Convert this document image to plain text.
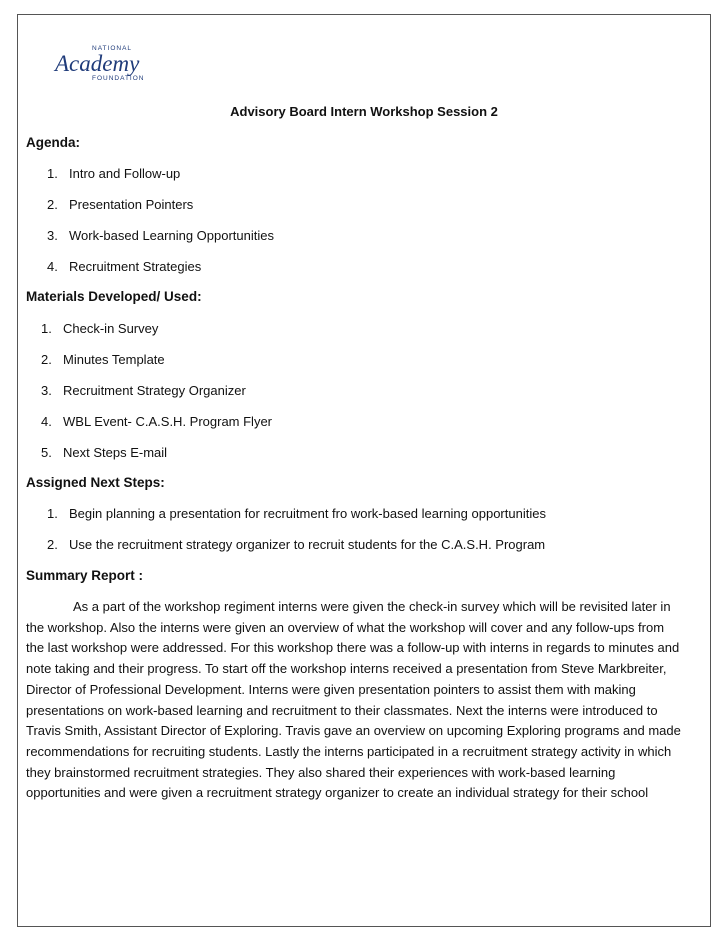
NATIONAL
Academy
FOUNDATION
Advisory Board Intern Workshop Session 2
Agenda:
1. Intro and Follow-up
2. Presentation Pointers
3. Work-based Learning Opportunities
4. Recruitment Strategies
Materials Developed/ Used:
1. Check-in Survey
2. Minutes Template
3. Recruitment Strategy Organizer
4. WBL Event- C.A.S.H. Program Flyer
5. Next Steps E-mail
Assigned Next Steps:
1. Begin planning a presentation for recruitment fro work-based learning opportunities
2. Use the recruitment strategy organizer to recruit students for the C.A.S.H. Program
Summary Report :
As a part of the workshop regiment interns were given the check-in survey which will be revisited later in
the workshop. Also the interns were given an overview of what the workshop will cover and any follow-ups from
the last workshop were addressed. For this workshop there was a follow-up with interns in regards to minutes and
note taking and their progress. To start off the workshop interns received a presentation from Steve Markbreiter,
Director of Professional Development. Interns were given presentation pointers to assist them with making
presentations on work-based learning and recruitment to their classmates. Next the interns were introduced to
Travis Smith, Assistant Director of Exploring. Travis gave an overview on upcoming Exploring programs and made
recommendations for recruiting students. Lastly the interns participated in a recruitment strategy activity in which
they brainstormed recruitment strategies. They also shared their experiences with work-based learning
opportunities and were given a recruitment strategy organizer to create an individual strategy for their school
